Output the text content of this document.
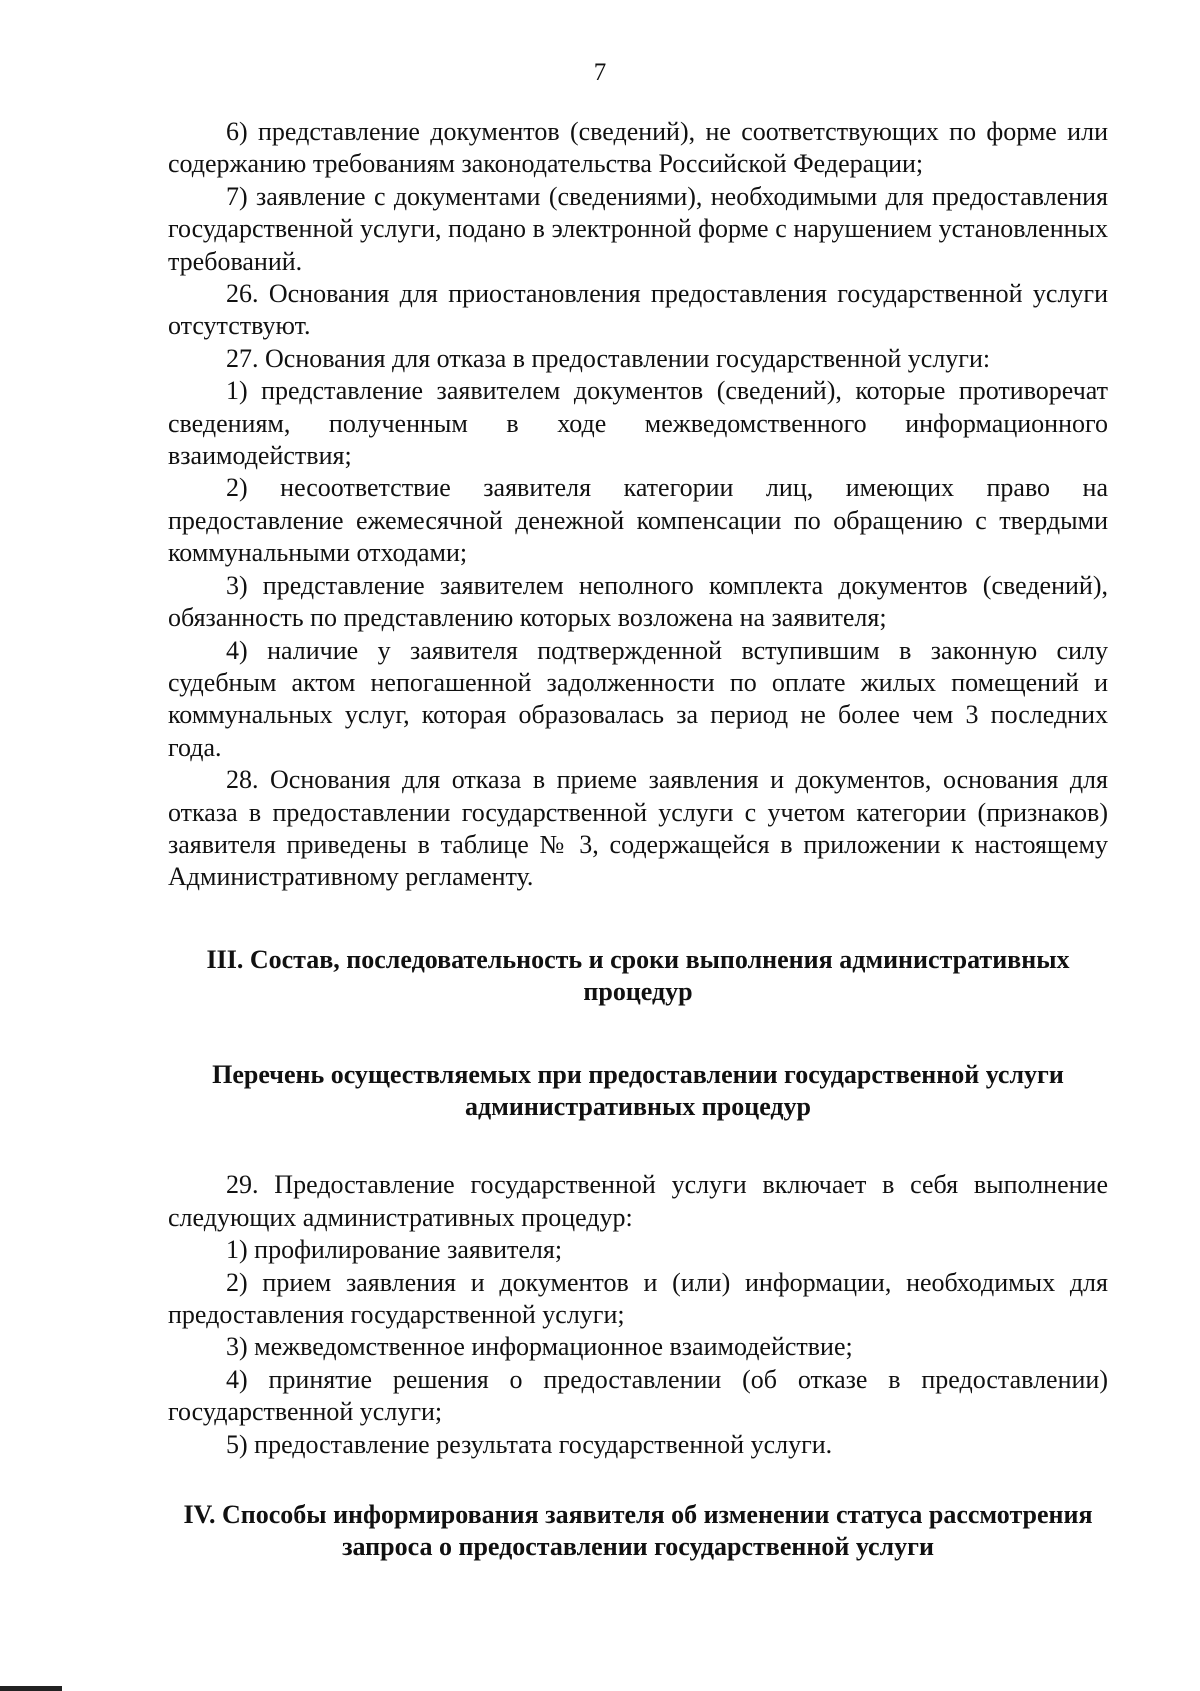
7

6) представление документов (сведений), не соответствующих по форме или содержанию требованиям законодательства Российской Федерации;

7) заявление с документами (сведениями), необходимыми для предоставления государственной услуги, подано в электронной форме с нарушением установленных требований.

26. Основания для приостановления предоставления государственной услуги отсутствуют.

27. Основания для отказа в предоставлении государственной услуги:

1) представление заявителем документов (сведений), которые противоречат сведениям, полученным в ходе межведомственного информационного взаимодействия;

2) несоответствие заявителя категории лиц, имеющих право на предоставление ежемесячной денежной компенсации по обращению с твердыми коммунальными отходами;

3) представление заявителем неполного комплекта документов (сведений), обязанность по представлению которых возложена на заявителя;

4) наличие у заявителя подтвержденной вступившим в законную силу судебным актом непогашенной задолженности по оплате жилых помещений и коммунальных услуг, которая образовалась за период не более чем 3 последних года.

28. Основания для отказа в приеме заявления и документов, основания для отказа в предоставлении государственной услуги с учетом категории (признаков) заявителя приведены в таблице № 3, содержащейся в приложении к настоящему Административному регламенту.

III. Состав, последовательность и сроки выполнения административных процедур
Перечень осуществляемых при предоставлении государственной услуги административных процедур

29. Предоставление государственной услуги включает в себя выполнение следующих административных процедур:

1) профилирование заявителя;

2) прием заявления и документов и (или) информации, необходимых для предоставления государственной услуги;

3) межведомственное информационное взаимодействие;

4) принятие решения о предоставлении (об отказе в предоставлении) государственной услуги;

5) предоставление результата государственной услуги.

IV. Способы информирования заявителя об изменении статуса рассмотрения запроса о предоставлении государственной услуги
